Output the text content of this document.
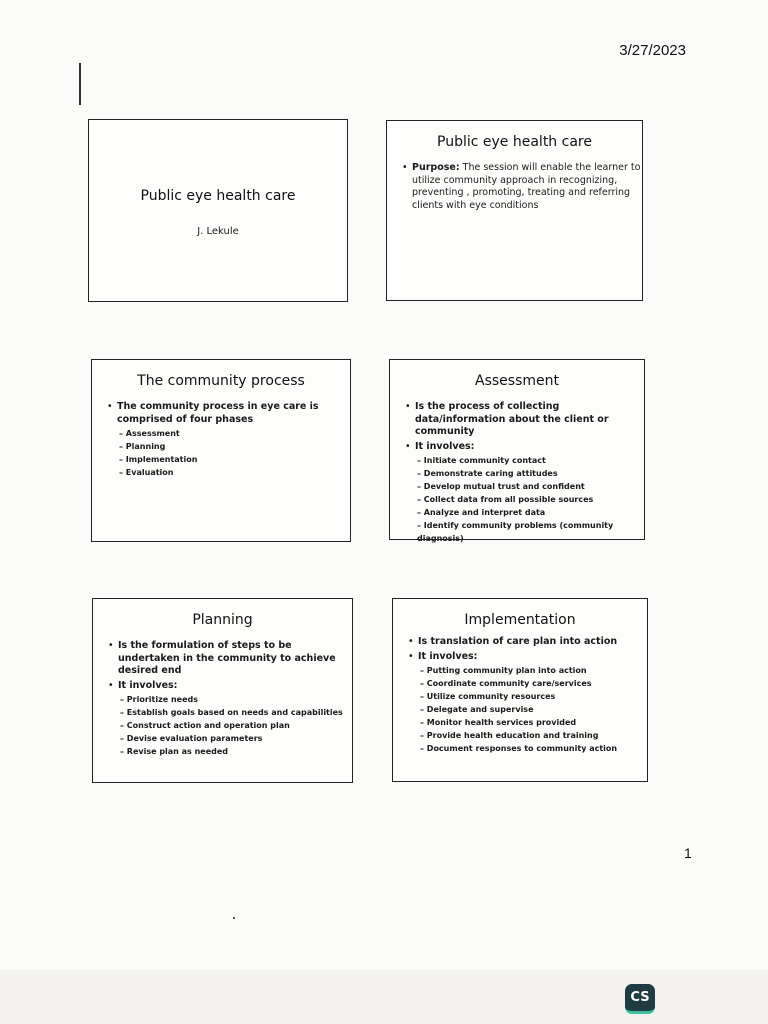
3/27/2023
Public eye health care
J. Lekule
Public eye health care
• Purpose: The session will enable the learner to utilize community approach in recognizing, preventing , promoting, treating and referring clients with eye conditions
The community process
• The community process in eye care is comprised of four phases
– Assessment
– Planning
– Implementation
– Evaluation
Assessment
• Is the process of collecting data/information about the client or community
• It involves:
– Initiate community contact
– Demonstrate caring attitudes
– Develop mutual trust and confident
– Collect data from all possible sources
– Analyze and interpret data
– Identify community problems (community diagnosis)
Planning
• Is the formulation of steps to be undertaken in the community to achieve desired end
• It involves:
– Prioritize needs
– Establish goals based on needs and capabilities
– Construct action and operation plan
– Devise evaluation parameters
– Revise plan as needed
Implementation
• Is translation of care plan into action
• It involves:
– Putting community plan into action
– Coordinate community care/services
– Utilize community resources
– Delegate and supervise
– Monitor health services provided
– Provide health education and training
– Document responses to community action
1
CS
